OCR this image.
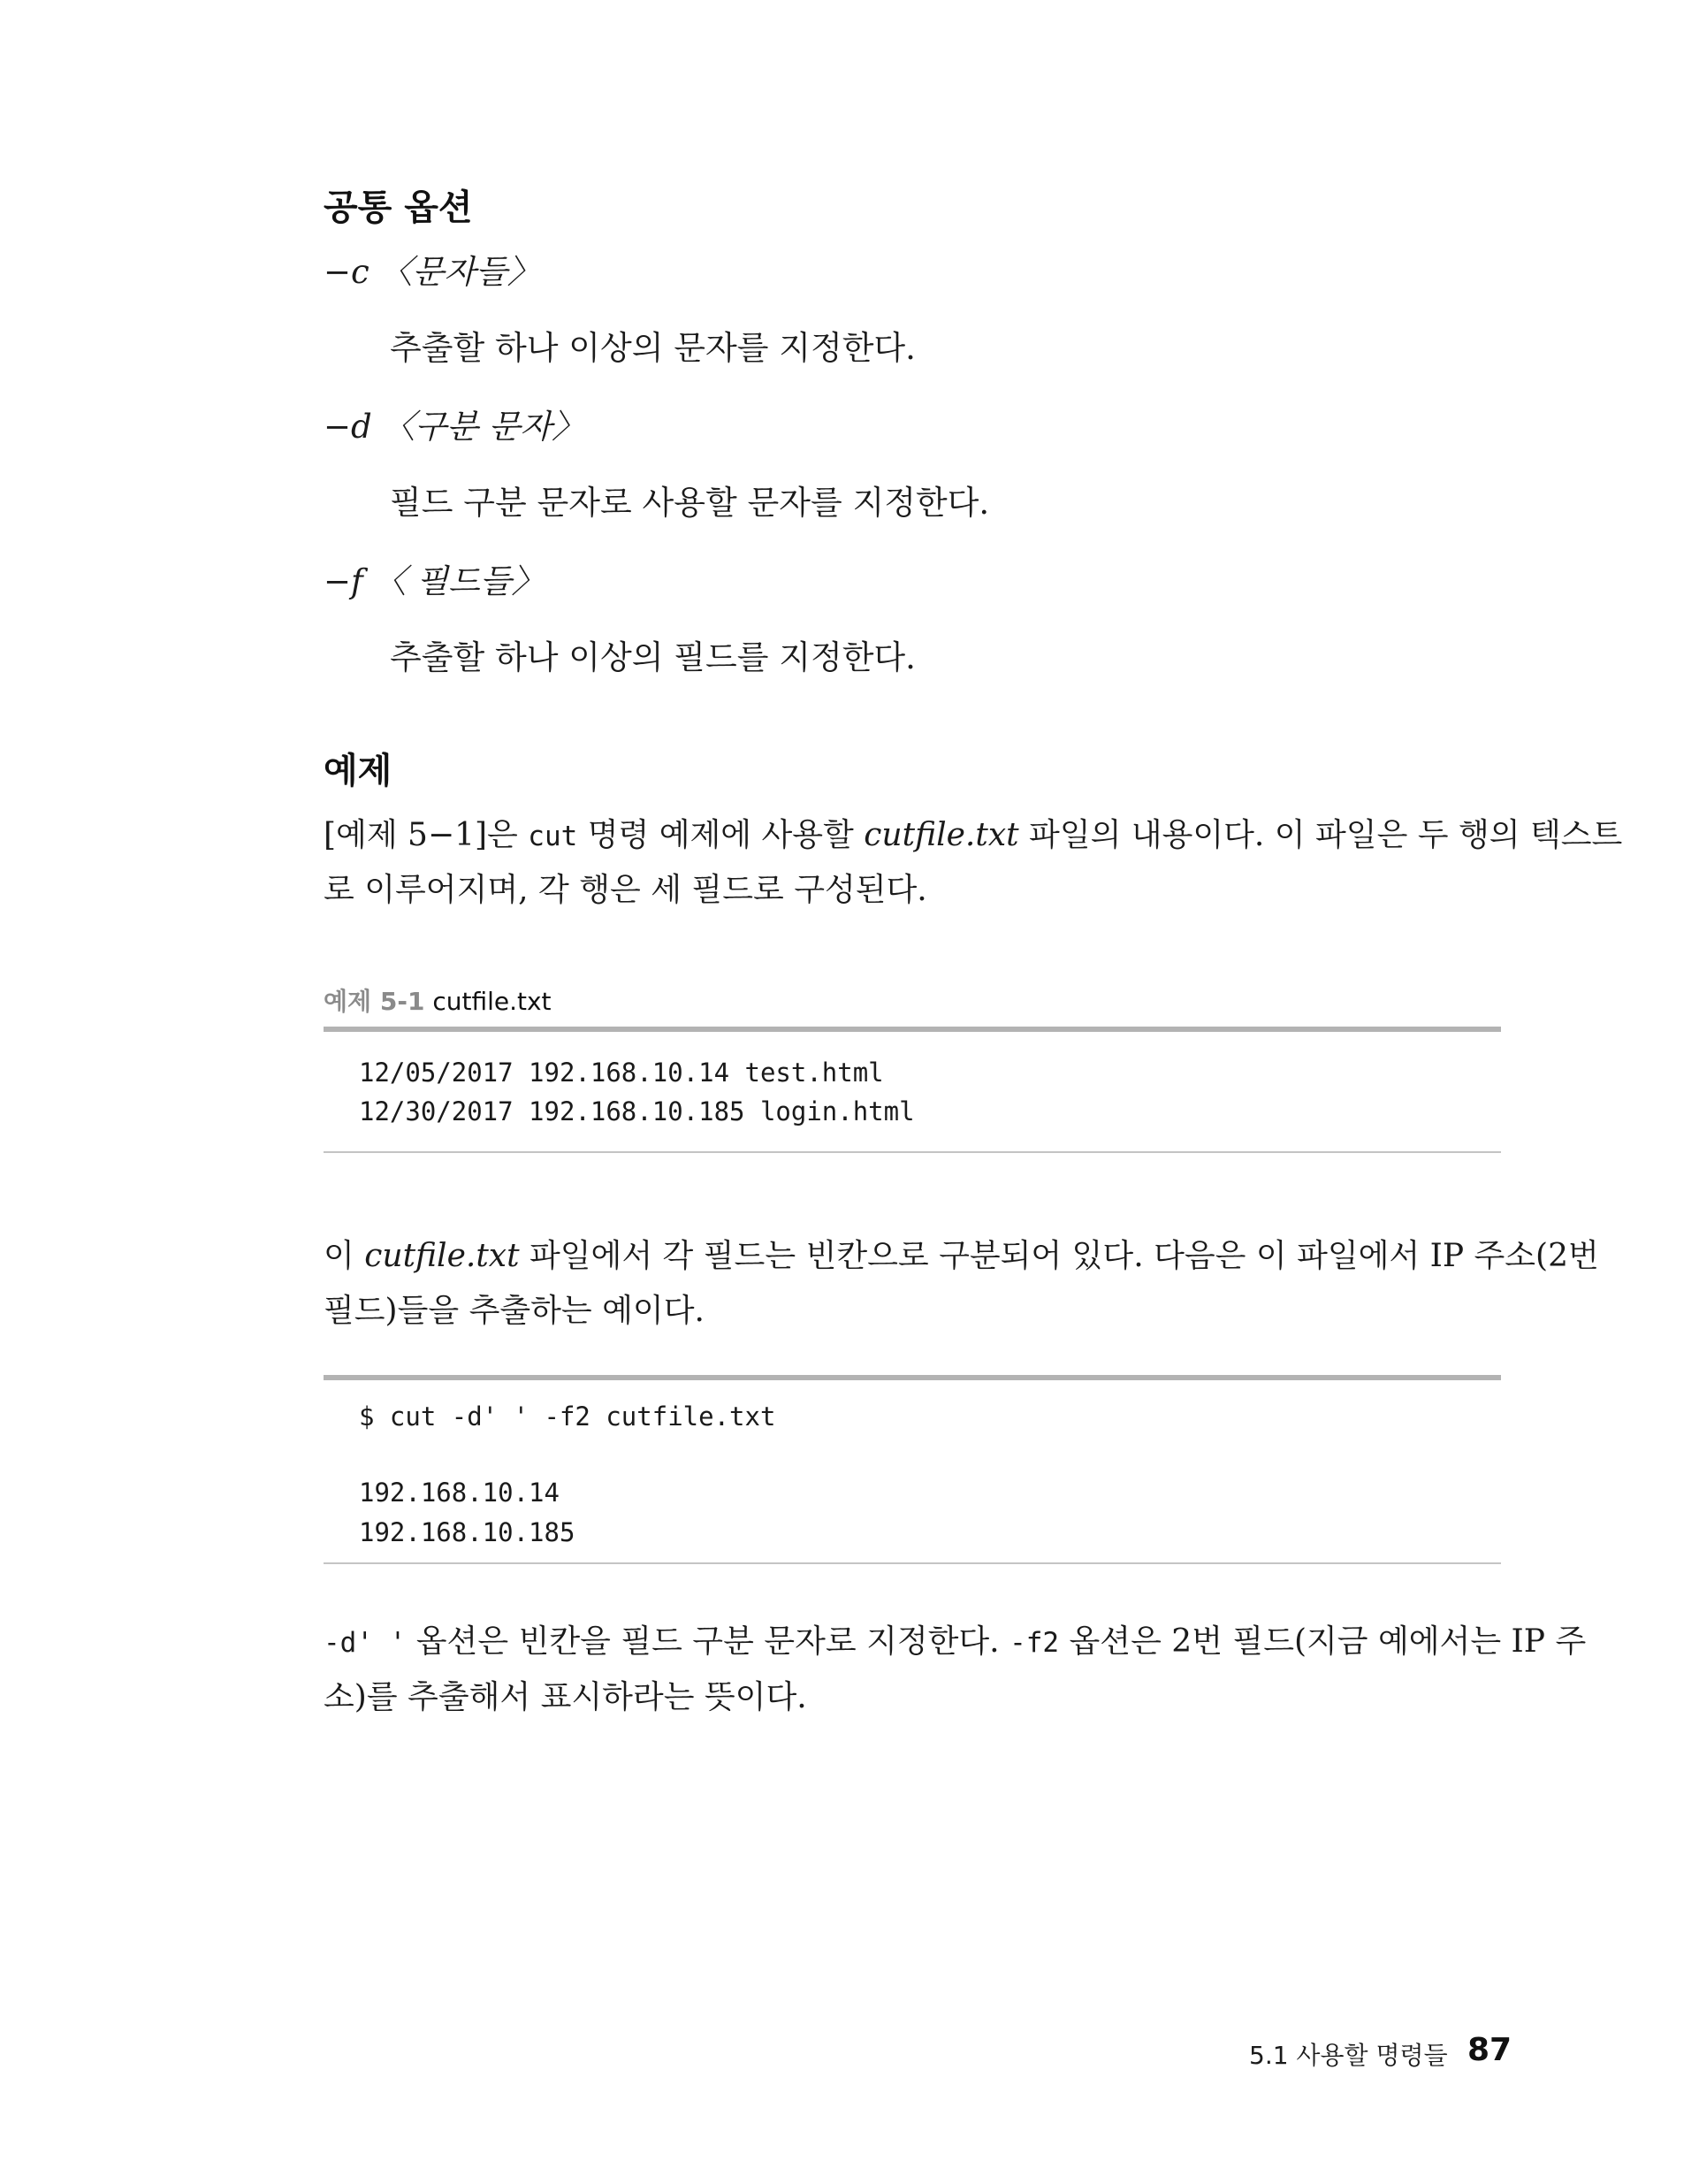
공통 옵션
−c 〈문자들〉
추출할 하나 이상의 문자를 지정한다.
−d 〈구분 문자〉
필드 구분 문자로 사용할 문자를 지정한다.
−f 〈 필드들〉
추출할 하나 이상의 필드를 지정한다.
예제
[예제 5−1]은 cut 명령 예제에 사용할 cutfile.txt 파일의 내용이다. 이 파일은 두 행의 텍스트
로 이루어지며, 각 행은 세 필드로 구성된다.
예제 5-1 cutfile.txt
12/05/2017 192.168.10.14 test.html
12/30/2017 192.168.10.185 login.html
이 cutfile.txt 파일에서 각 필드는 빈칸으로 구분되어 있다. 다음은 이 파일에서 IP 주소(2번
필드)들을 추출하는 예이다.
$ cut -d' ' -f2 cutfile.txt
192.168.10.14
192.168.10.185
-d' ' 옵션은 빈칸을 필드 구분 문자로 지정한다. -f2 옵션은 2번 필드(지금 예에서는 IP 주
소)를 추출해서 표시하라는 뜻이다.
5.1 사용할 명령들 87
